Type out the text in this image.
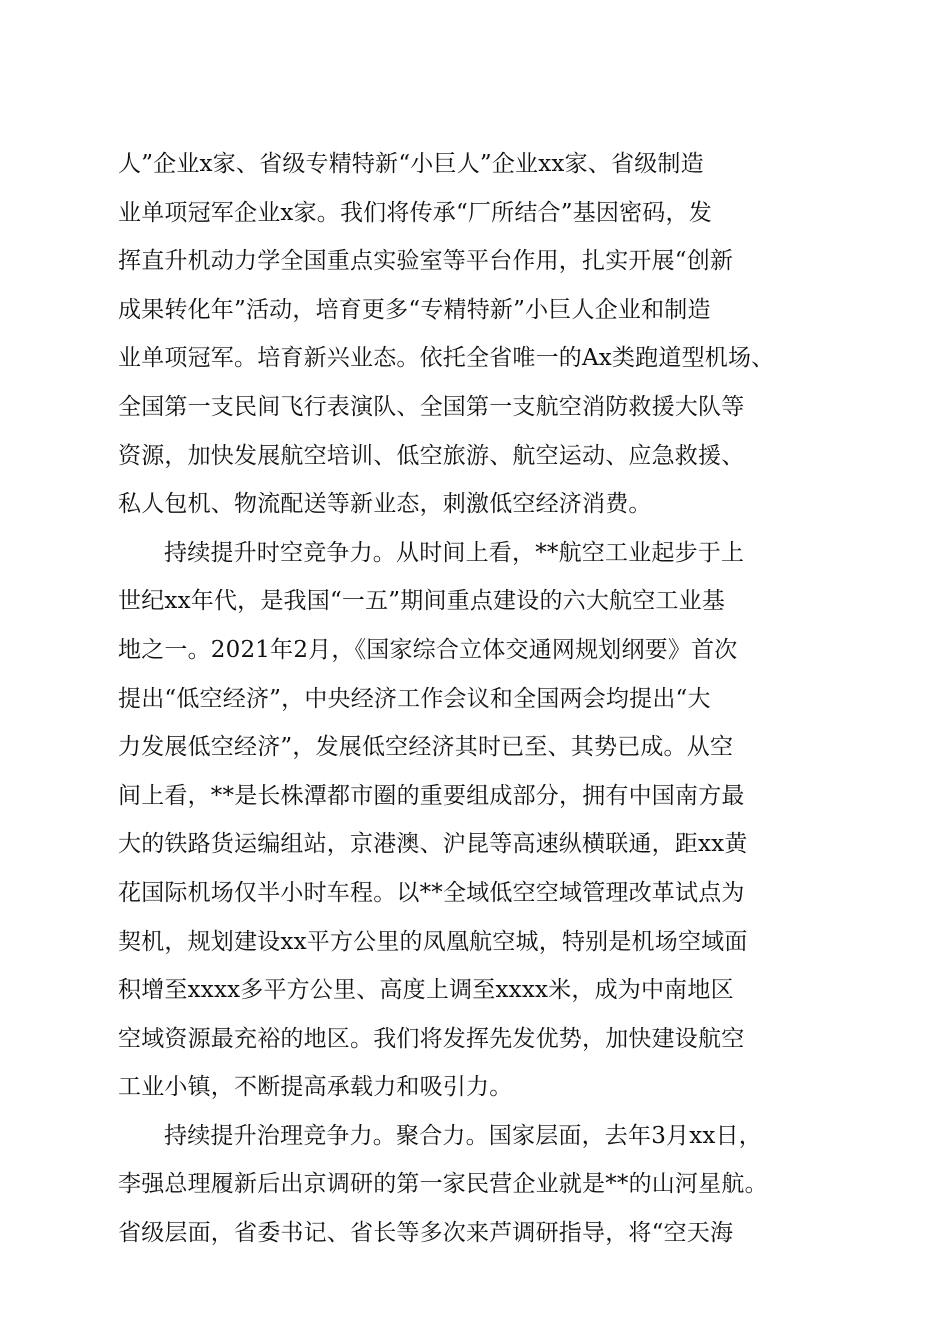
人”企业x家、省级专精特新“小巨人”企业xx家、省级制造
业单项冠军企业x家。我们将传承“厂所结合”基因密码，发
挥直升机动力学全国重点实验室等平台作用，扎实开展“创新
成果转化年”活动，培育更多“专精特新”小巨人企业和制造
业单项冠军。培育新兴业态。依托全省唯一的Ax类跑道型机场、
全国第一支民间飞行表演队、全国第一支航空消防救援大队等
资源，加快发展航空培训、低空旅游、航空运动、应急救援、
私人包机、物流配送等新业态，刺激低空经济消费。
持续提升时空竞争力。从时间上看，**航空工业起步于上
世纪xx年代，是我国“一五”期间重点建设的六大航空工业基
地之一。2021年2月，《国家综合立体交通网规划纲要》首次
提出“低空经济”，中央经济工作会议和全国两会均提出“大
力发展低空经济”，发展低空经济其时已至、其势已成。从空
间上看，**是长株潭都市圈的重要组成部分，拥有中国南方最
大的铁路货运编组站，京港澳、沪昆等高速纵横联通，距xx黄
花国际机场仅半小时车程。以**全域低空空域管理改革试点为
契机，规划建设xx平方公里的凤凰航空城，特别是机场空域面
积增至xxxx多平方公里、高度上调至xxxx米，成为中南地区
空域资源最充裕的地区。我们将发挥先发优势，加快建设航空
工业小镇，不断提高承载力和吸引力。
持续提升治理竞争力。聚合力。国家层面，去年3月xx日，
李强总理履新后出京调研的第一家民营企业就是**的山河星航。
省级层面，省委书记、省长等多次来芦调研指导，将“空天海
